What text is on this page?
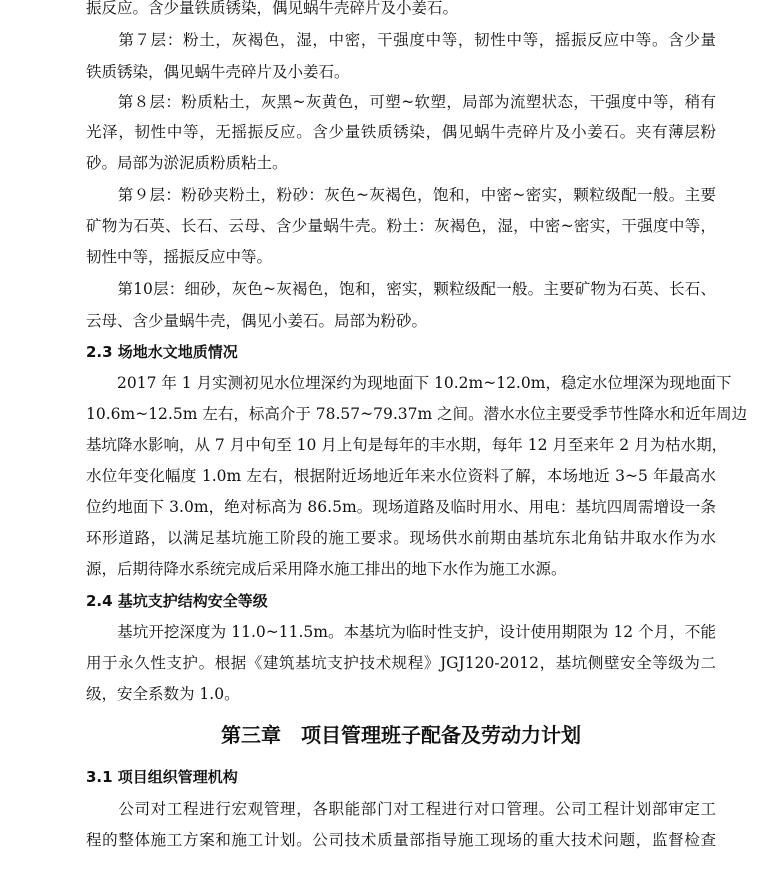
振反应。含少量铁质锈染，偶见蜗牛壳碎片及小姜石。
　　第７层：粉土，灰褐色，湿，中密，干强度中等，韧性中等，摇振反应中等。含少量
铁质锈染，偶见蜗牛壳碎片及小姜石。
　　第８层：粉质粘土，灰黑~灰黄色，可塑~软塑，局部为流塑状态，干强度中等，稍有
光泽，韧性中等，无摇振反应。含少量铁质锈染，偶见蜗牛壳碎片及小姜石。夹有薄层粉
砂。局部为淤泥质粉质粘土。
　　第９层：粉砂夹粉土，粉砂：灰色~灰褐色，饱和，中密~密实，颗粒级配一般。主要
矿物为石英、长石、云母、含少量蜗牛壳。粉土：灰褐色，湿，中密~密实，干强度中等，
韧性中等，摇振反应中等。
　　第10层：细砂，灰色~灰褐色，饱和，密实，颗粒级配一般。主要矿物为石英、长石、
云母、含少量蜗牛壳，偶见小姜石。局部为粉砂。
2.3 场地水文地质情况
　　2017 年 1 月实测初见水位埋深约为现地面下 10.2m~12.0m，稳定水位埋深为现地面下
10.6m~12.5m 左右，标高介于 78.57~79.37m 之间。潜水水位主要受季节性降水和近年周边
基坑降水影响，从 7 月中旬至 10 月上旬是每年的丰水期，每年 12 月至来年 2 月为枯水期，
水位年变化幅度 1.0m 左右，根据附近场地近年来水位资料了解，本场地近 3~5 年最高水
位约地面下 3.0m，绝对标高为 86.5m。现场道路及临时用水、用电：基坑四周需增设一条
环形道路，以满足基坑施工阶段的施工要求。现场供水前期由基坑东北角钻井取水作为水
源，后期待降水系统完成后采用降水施工排出的地下水作为施工水源。
2.4 基坑支护结构安全等级
　　基坑开挖深度为 11.0~11.5m。本基坑为临时性支护，设计使用期限为 12 个月，不能
用于永久性支护。根据《建筑基坑支护技术规程》JGJ120-2012，基坑侧壁安全等级为二
级，安全系数为 1.0。
第三章　项目管理班子配备及劳动力计划
3.1 项目组织管理机构
　　公司对工程进行宏观管理，各职能部门对工程进行对口管理。公司工程计划部审定工
程的整体施工方案和施工计划。公司技术质量部指导施工现场的重大技术问题，监督检查
